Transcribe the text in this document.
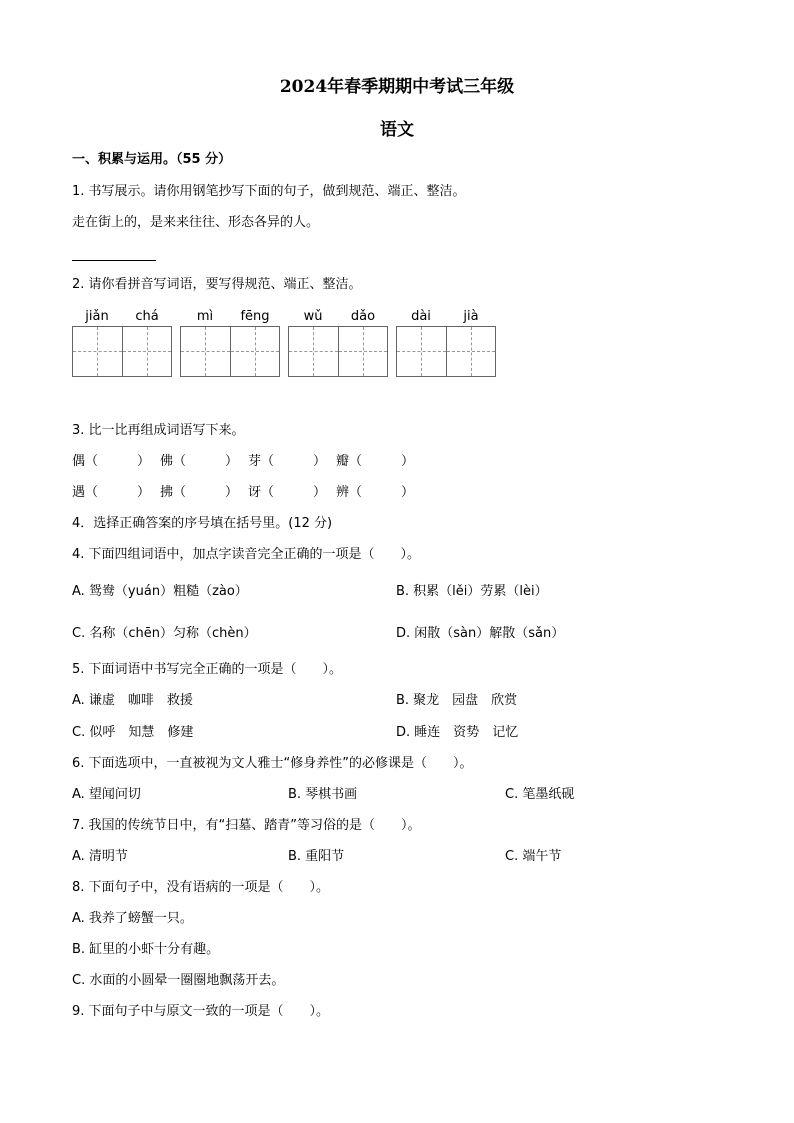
2024年春季期期中考试三年级
语文
一、积累与运用。（55 分）
1. 书写展示。请你用钢笔抄写下面的句子，做到规范、端正、整洁。
走在街上的，是来来往往、形态各异的人。
2. 请你看拼音写词语，要写得规范、端正、整洁。
jiǎn	chá	mì	fēng	wǔ	dǎo	dài	jià
3. 比一比再组成词语写下来。
偶（　　　） 佛（　　　） 芽（　　　） 瓣（　　　）
遇（　　　） 拂（　　　） 讶（　　　） 辨（　　　）
4．选择正确答案的序号填在括号里。(12 分)
4. 下面四组词语中，加点字读音完全正确的一项是（　　）。
A. 鸳鸯（yuán）粗糙（zào）	B. 积累（lěi）劳累（lèi）
C. 名称（chēn）匀称（chèn）	D. 闲散（sàn）解散（sǎn）
5. 下面词语中书写完全正确的一项是（　　）。
A. 谦虚　咖啡　救援	B. 聚龙　园盘　欣赏
C. 似呼　知慧　修建	D. 睡连　资势　记忆
6. 下面选项中，一直被视为文人雅士“修身养性”的必修课是（　　）。
A. 望闻问切	B. 琴棋书画	C. 笔墨纸砚
7. 我国的传统节日中，有“扫墓、踏青”等习俗的是（　　）。
A. 清明节	B. 重阳节	C. 端午节
8. 下面句子中，没有语病的一项是（　　）。
A. 我养了螃蟹一只。
B. 缸里的小虾十分有趣。
C. 水面的小圆晕一圈圈地飘荡开去。
9. 下面句子中与原文一致的一项是（　　）。
